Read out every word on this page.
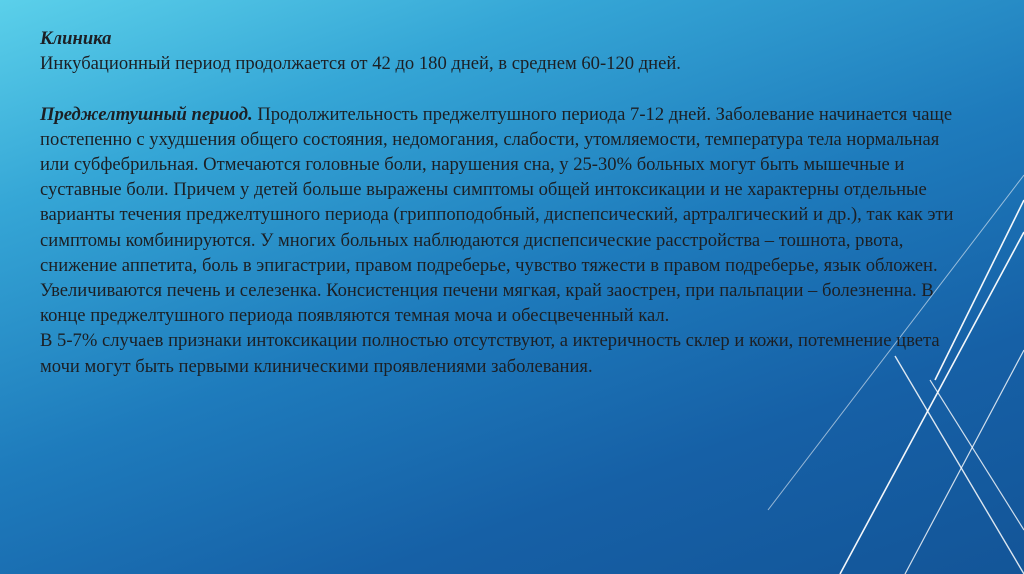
Клиника

Инкубационный период продолжается от 42 до 180 дней, в среднем 60-120 дней.

Преджелтушный период. Продолжительность преджелтушного периода 7-12 дней. Заболевание начинается чаще постепенно с ухудшения общего состояния, недомогания, слабости, утомляемости, температура тела нормальная или субфебрильная. Отмечаются головные боли, нарушения сна, у 25-30% больных могут быть мышечные и суставные боли. Причем у детей больше выражены симптомы общей интоксикации и не характерны отдельные варианты течения преджелтушного периода (гриппоподобный, диспепсический, артралгический и др.), так как эти симптомы комбинируются. У многих больных наблюдаются диспепсические расстройства – тошнота, рвота, снижение аппетита, боль в эпигастрии, правом подреберье, чувство тяжести в правом подреберье, язык обложен. Увеличиваются печень и селезенка. Консистенция печени мягкая, край заострен, при пальпации – болезненна. В конце преджелтушного периода появляются темная моча и обесцвеченный кал.

В 5-7% случаев признаки интоксикации полностью отсутствуют, а иктеричность склер и кожи, потемнение цвета мочи могут быть первыми клиническими проявлениями заболевания.
